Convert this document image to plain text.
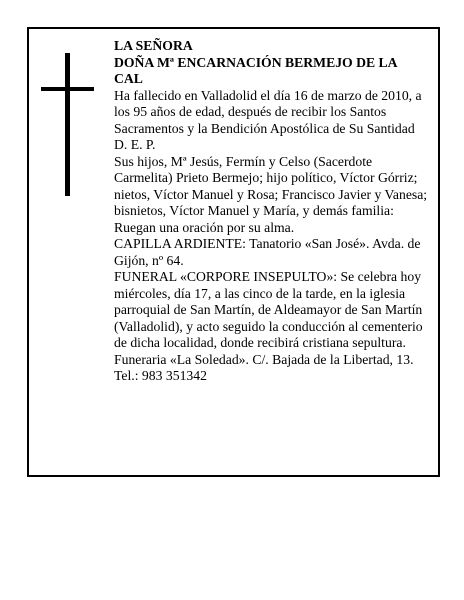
LA SEÑORA

DOÑA Mª ENCARNACIÓN BERMEJO DE LA CAL

Ha fallecido en Valladolid el día 16 de marzo de 2010, a los 95 años de edad, después de recibir los Santos Sacramentos y la Bendición Apostólica de Su Santidad

D. E. P.

Sus hijos, Mª Jesús, Fermín y Celso (Sacerdote Carmelita) Prieto Bermejo; hijo político, Víctor Górriz; nietos, Víctor Manuel y Rosa; Francisco Javier y Vanesa; bisnietos, Víctor Manuel y María, y demás familia:

Ruegan una oración por su alma.

CAPILLA ARDIENTE: Tanatorio «San José». Avda. de Gijón, nº 64.

FUNERAL «CORPORE INSEPULTO»: Se celebra hoy miércoles, día 17, a las cinco de la tarde, en la iglesia parroquial de San Martín, de Aldeamayor de San Martín (Valladolid), y acto seguido la conducción al cementerio de dicha localidad, donde recibirá cristiana sepultura.

Funeraria «La Soledad». C/. Bajada de la Libertad, 13.

Tel.: 983 351342
